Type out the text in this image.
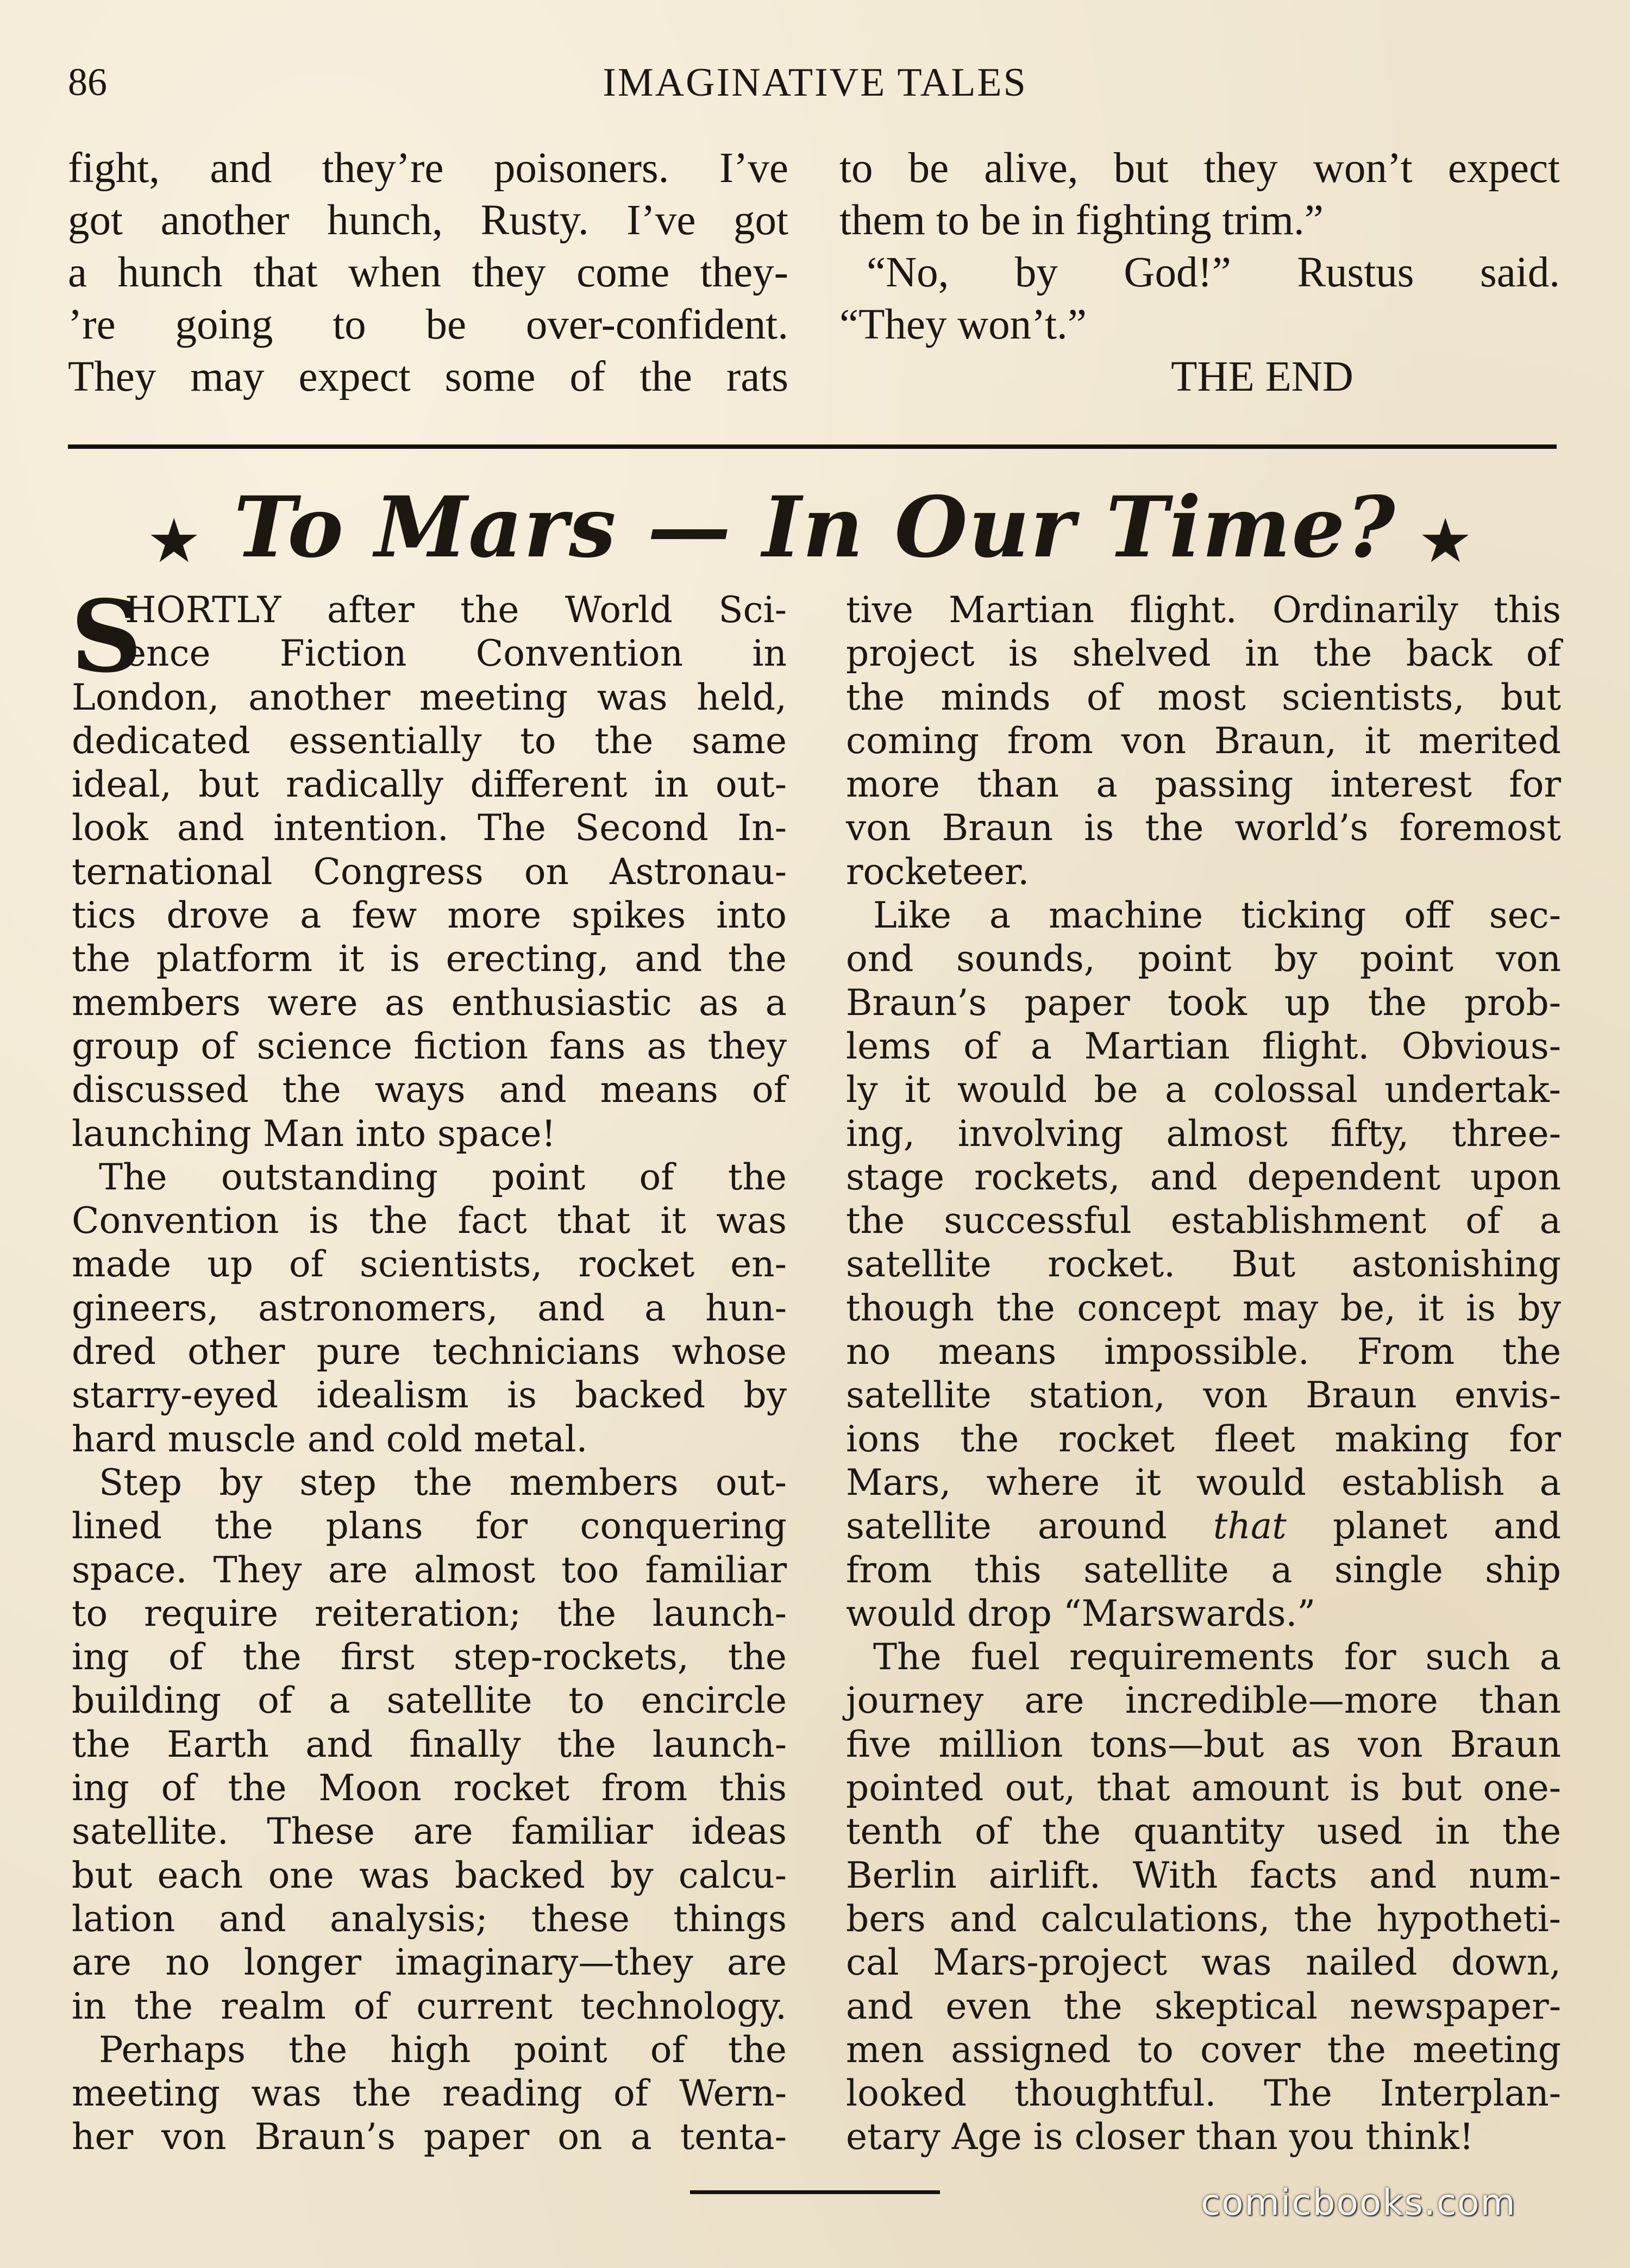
86	IMAGINATIVE TALES
fight, and they’re poisoners. I’ve
got another hunch, Rusty. I’ve got
a hunch that when they come they-
’re going to be over-confident.
They may expect some of the rats
to be alive, but they won’t expect
them to be in fighting trim.”
“No, by God!” Rustus said.
“They won’t.”
THE END
★ To Mars — In Our Time? ★
S
HORTLY after the World Sci-
ence Fiction Convention in
London, another meeting was held,
dedicated essentially to the same
ideal, but radically different in out-
look and intention. The Second In-
ternational Congress on Astronau-
tics drove a few more spikes into
the platform it is erecting, and the
members were as enthusiastic as a
group of science fiction fans as they
discussed the ways and means of
launching Man into space!
The outstanding point of the
Convention is the fact that it was
made up of scientists, rocket en-
gineers, astronomers, and a hun-
dred other pure technicians whose
starry-eyed idealism is backed by
hard muscle and cold metal.
Step by step the members out-
lined the plans for conquering
space. They are almost too familiar
to require reiteration; the launch-
ing of the first step-rockets, the
building of a satellite to encircle
the Earth and finally the launch-
ing of the Moon rocket from this
satellite. These are familiar ideas
but each one was backed by calcu-
lation and analysis; these things
are no longer imaginary—they are
in the realm of current technology.
Perhaps the high point of the
meeting was the reading of Wern-
her von Braun’s paper on a tenta-
tive Martian flight. Ordinarily this
project is shelved in the back of
the minds of most scientists, but
coming from von Braun, it merited
more than a passing interest for
von Braun is the world’s foremost
rocketeer.
Like a machine ticking off sec-
ond sounds, point by point von
Braun’s paper took up the prob-
lems of a Martian flight. Obvious-
ly it would be a colossal undertak-
ing, involving almost fifty, three-
stage rockets, and dependent upon
the successful establishment of a
satellite rocket. But astonishing
though the concept may be, it is by
no means impossible. From the
satellite station, von Braun envis-
ions the rocket fleet making for
Mars, where it would establish a
satellite around that planet and
from this satellite a single ship
would drop “Marswards.”
The fuel requirements for such a
journey are incredible—more than
five million tons—but as von Braun
pointed out, that amount is but one-
tenth of the quantity used in the
Berlin airlift. With facts and num-
bers and calculations, the hypotheti-
cal Mars-project was nailed down,
and even the skeptical newspaper-
men assigned to cover the meeting
looked thoughtful. The Interplan-
etary Age is closer than you think!
comicbooks.com
